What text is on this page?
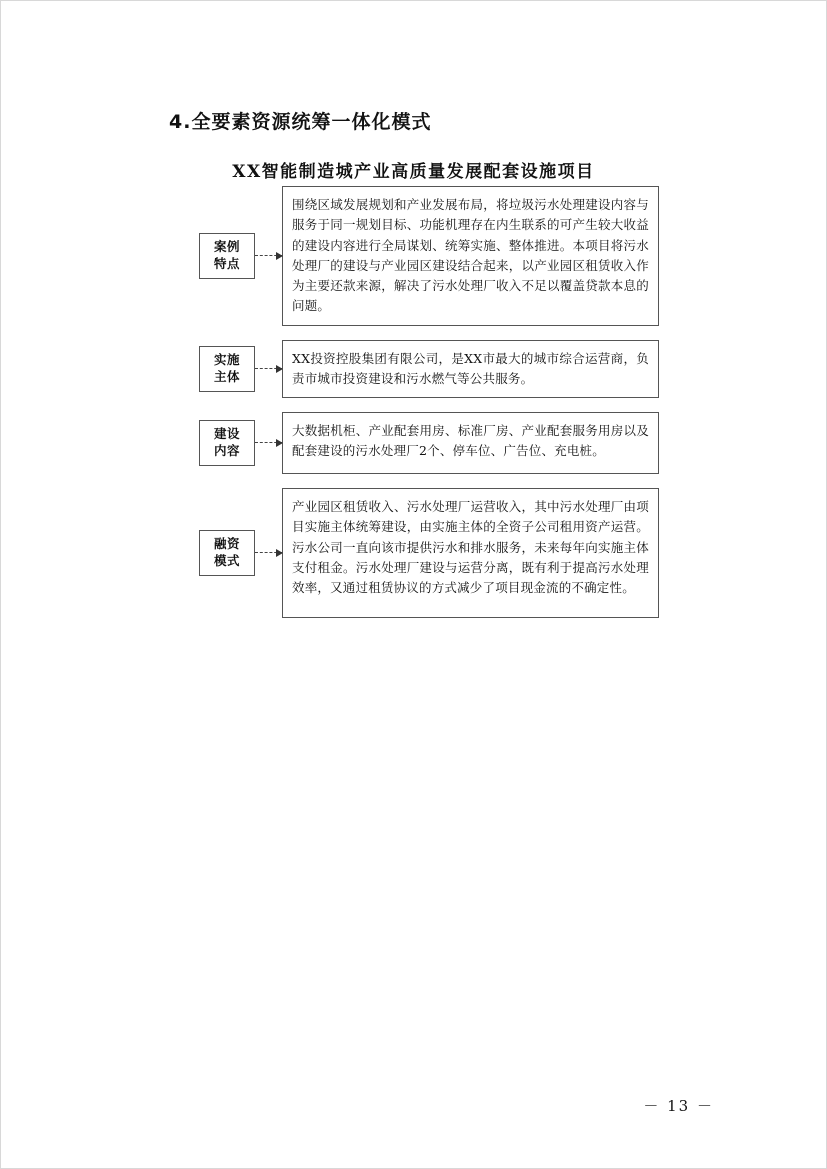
4.全要素资源统筹一体化模式
XX智能制造城产业高质量发展配套设施项目
案例特点

围绕区域发展规划和产业发展布局，将垃圾污水处理建设内容与服务于同一规划目标、功能机理存在内生联系的可产生较大收益的建设内容进行全局谋划、统筹实施、整体推进。本项目将污水处理厂的建设与产业园区建设结合起来，以产业园区租赁收入作为主要还款来源，解决了污水处理厂收入不足以覆盖贷款本息的问题。

实施主体

XX投资控股集团有限公司，是XX市最大的城市综合运营商，负责市城市投资建设和污水燃气等公共服务。

建设内容

大数据机柜、产业配套用房、标准厂房、产业配套服务用房以及配套建设的污水处理厂2个、停车位、广告位、充电桩。

融资模式

产业园区租赁收入、污水处理厂运营收入，其中污水处理厂由项目实施主体统筹建设，由实施主体的全资子公司租用资产运营。污水公司一直向该市提供污水和排水服务，未来每年向实施主体支付租金。污水处理厂建设与运营分离，既有利于提高污水处理效率，又通过租赁协议的方式减少了项目现金流的不确定性。

－ 13 －
